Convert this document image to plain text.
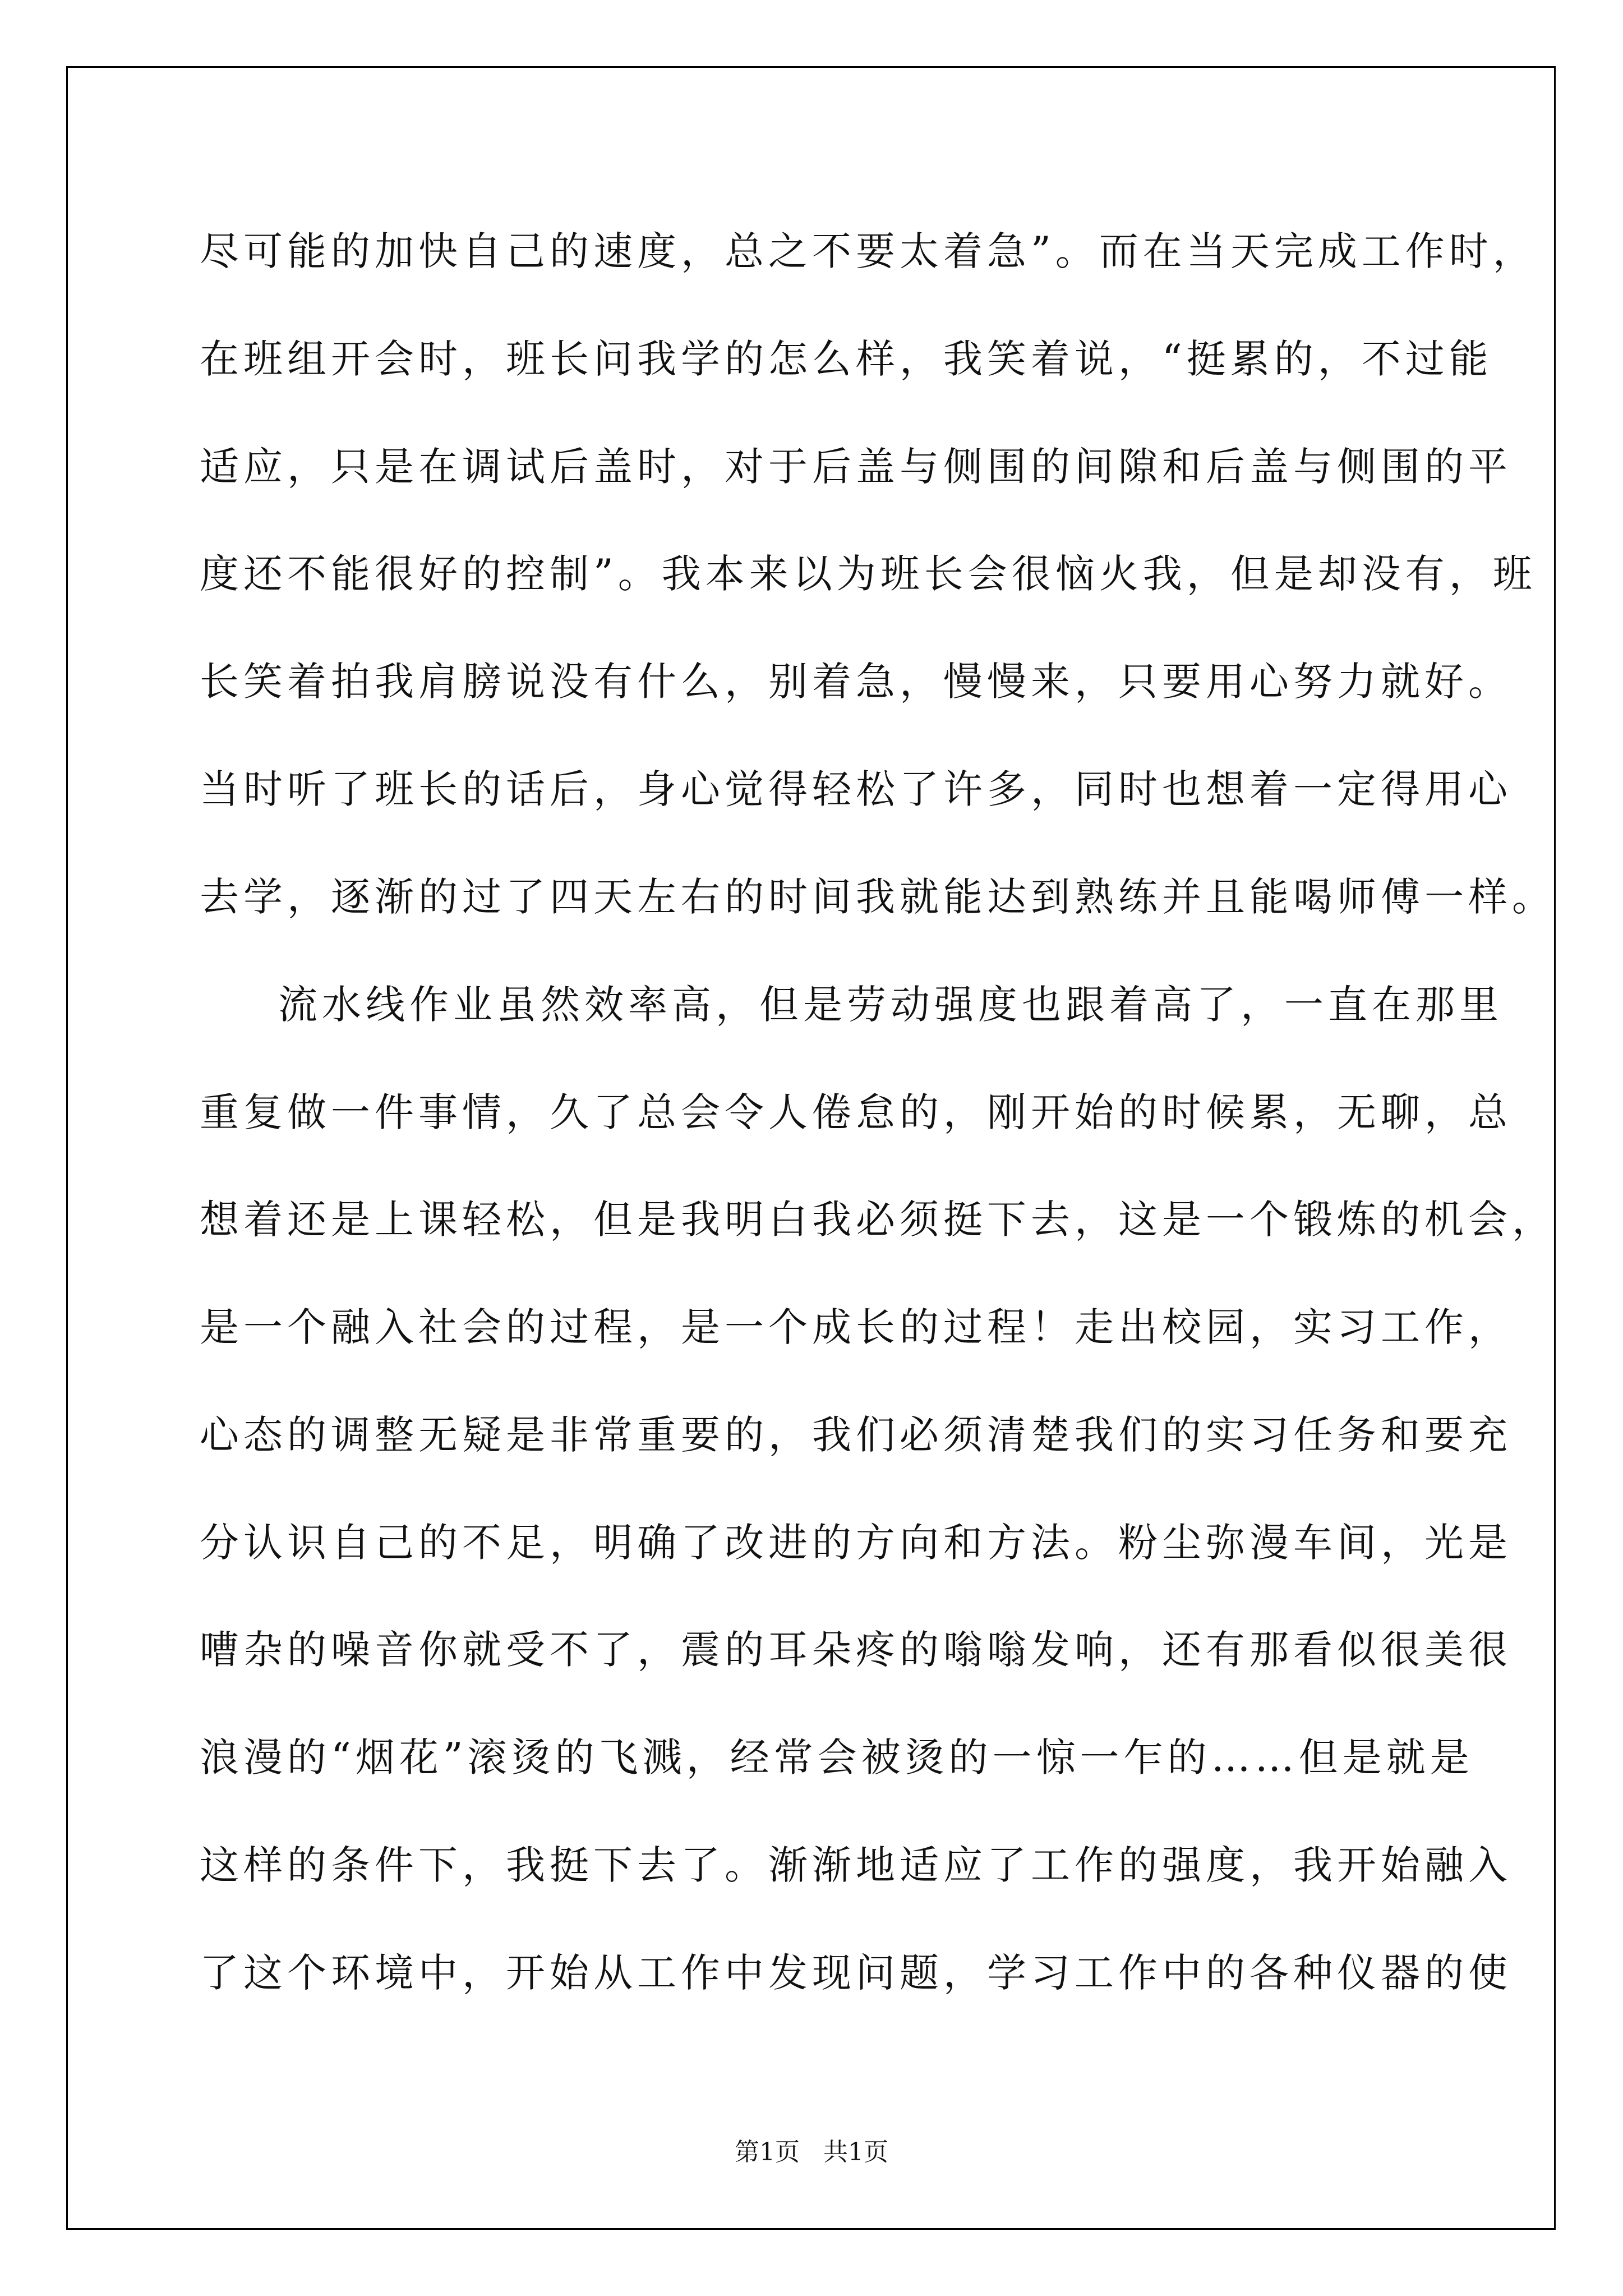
尽可能的加快自己的速度，总之不要太着急”。而在当天完成工作时，
在班组开会时，班长问我学的怎么样，我笑着说，“挺累的，不过能
适应，只是在调试后盖时，对于后盖与侧围的间隙和后盖与侧围的平
度还不能很好的控制”。我本来以为班长会很恼火我，但是却没有，班
长笑着拍我肩膀说没有什么，别着急，慢慢来，只要用心努力就好。
当时听了班长的话后，身心觉得轻松了许多，同时也想着一定得用心
去学，逐渐的过了四天左右的时间我就能达到熟练并且能喝师傅一样。
流水线作业虽然效率高，但是劳动强度也跟着高了，一直在那里
重复做一件事情，久了总会令人倦怠的，刚开始的时候累，无聊，总
想着还是上课轻松，但是我明白我必须挺下去，这是一个锻炼的机会，
是一个融入社会的过程，是一个成长的过程！走出校园，实习工作，
心态的调整无疑是非常重要的，我们必须清楚我们的实习任务和要充
分认识自己的不足，明确了改进的方向和方法。粉尘弥漫车间，光是
嘈杂的噪音你就受不了，震的耳朵疼的嗡嗡发响，还有那看似很美很
浪漫的“烟花”滚烫的飞溅，经常会被烫的一惊一乍的……但是就是
这样的条件下，我挺下去了。渐渐地适应了工作的强度，我开始融入
了这个环境中，开始从工作中发现问题，学习工作中的各种仪器的使
第1页   共1页
